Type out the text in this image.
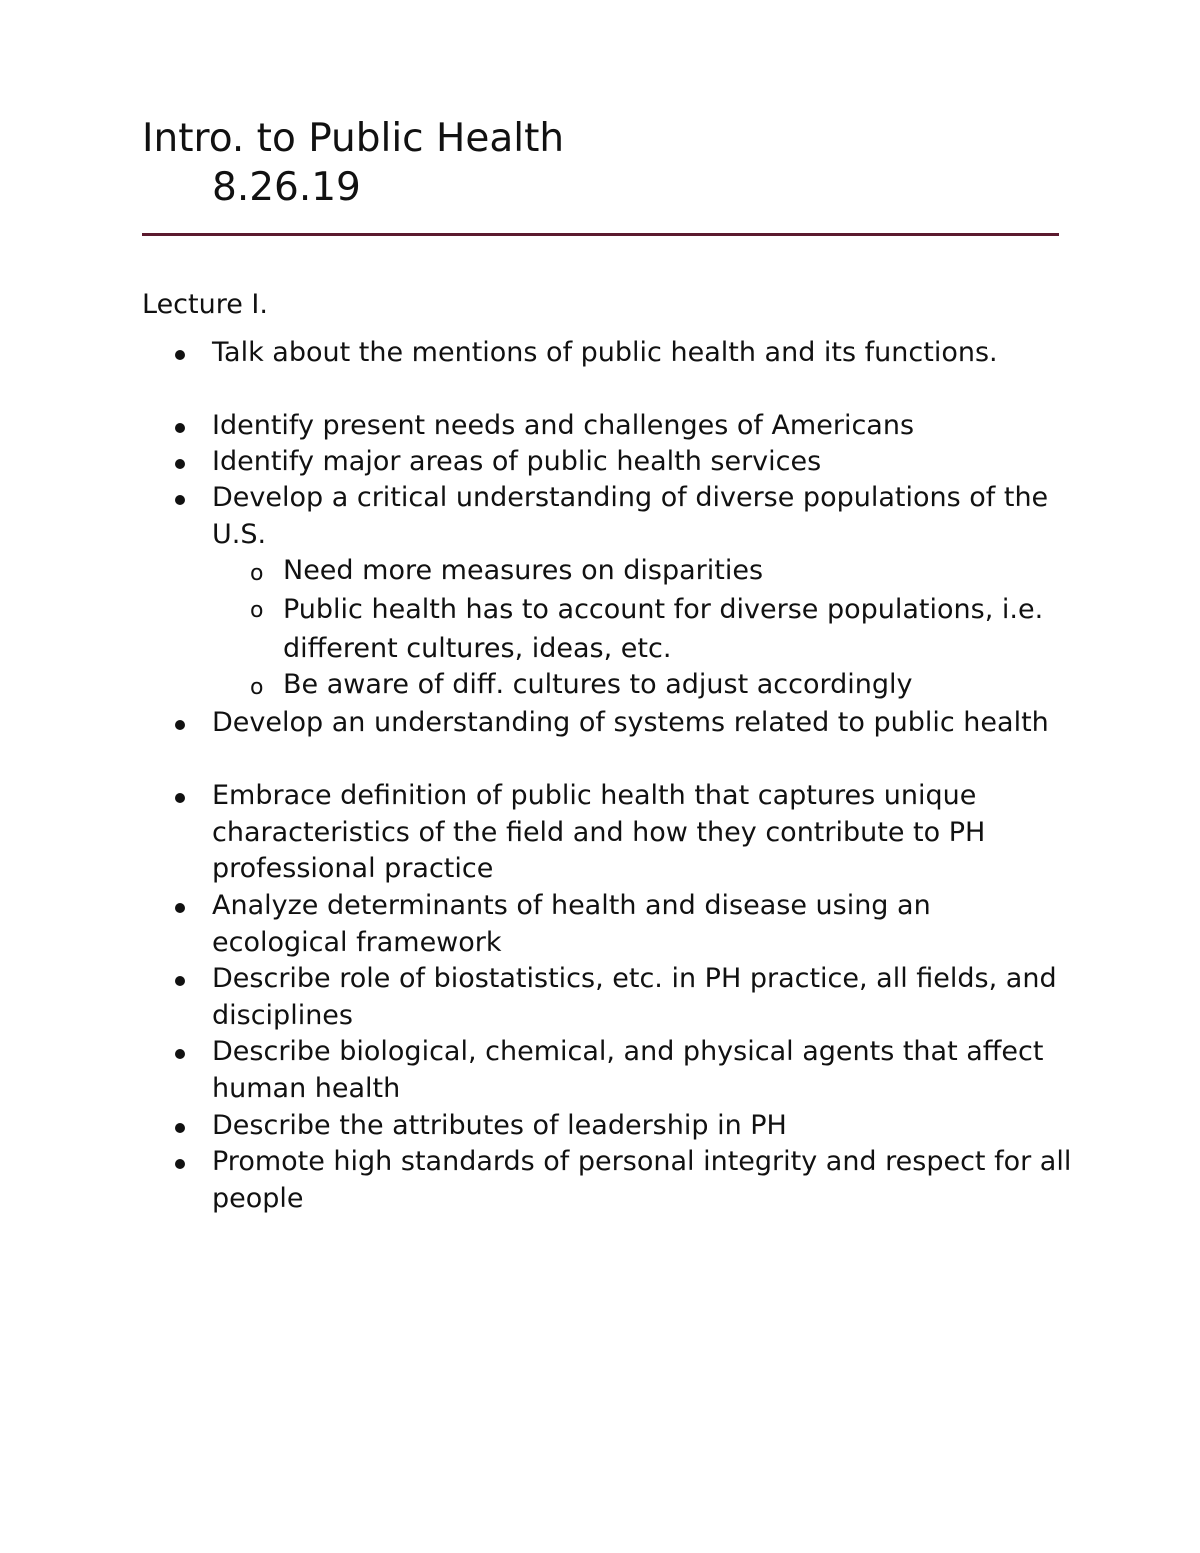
Intro. to Public Health
8.26.19
Lecture I.
Talk about the mentions of public health and its functions.
Identify present needs and challenges of Americans
Identify major areas of public health services
Develop a critical understanding of diverse populations of the U.S.
o Need more measures on disparities
o Public health has to account for diverse populations, i.e. different cultures, ideas, etc.
o Be aware of diff. cultures to adjust accordingly
Develop an understanding of systems related to public health
Embrace definition of public health that captures unique characteristics of the field and how they contribute to PH professional practice
Analyze determinants of health and disease using an ecological framework
Describe role of biostatistics, etc. in PH practice, all fields, and disciplines
Describe biological, chemical, and physical agents that affect human health
Describe the attributes of leadership in PH
Promote high standards of personal integrity and respect for all people
